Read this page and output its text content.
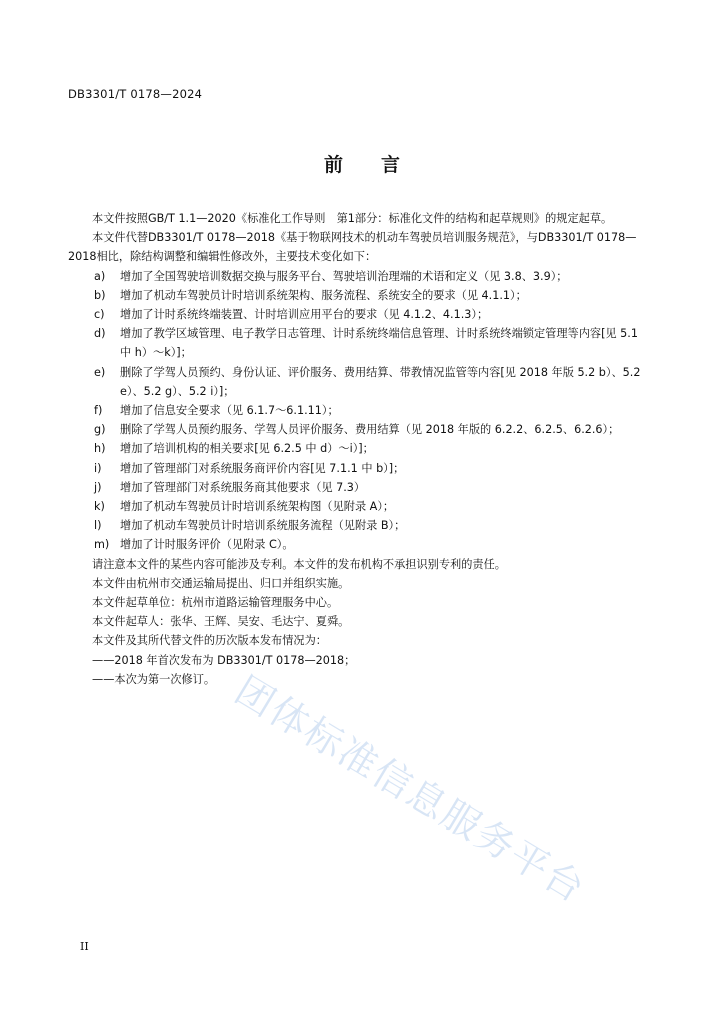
DB3301/T 0178—2024
前 言

本文件按照GB/T 1.1—2020《标准化工作导则　第1部分：标准化文件的结构和起草规则》的规定起草。

本文件代替DB3301/T 0178—2018《基于物联网技术的机动车驾驶员培训服务规范》，与DB3301/T 0178—2018相比，除结构调整和编辑性修改外，主要技术变化如下：

a) 增加了全国驾驶培训数据交换与服务平台、驾驶培训治理端的术语和定义（见 3.8、3.9）；

b) 增加了机动车驾驶员计时培训系统架构、服务流程、系统安全的要求（见 4.1.1）；

c) 增加了计时系统终端装置、计时培训应用平台的要求（见 4.1.2、4.1.3）；

d) 增加了教学区域管理、电子教学日志管理、计时系统终端信息管理、计时系统终端锁定管理等内容[见 5.1 中 h）～k）]；

e) 删除了学驾人员预约、身份认证、评价服务、费用结算、带教情况监管等内容[见 2018 年版 5.2 b）、5.2 e）、5.2 g）、5.2 i）]；

f) 增加了信息安全要求（见 6.1.7～6.1.11）；

g) 删除了学驾人员预约服务、学驾人员评价服务、费用结算（见 2018 年版的 6.2.2、6.2.5、6.2.6）；

h) 增加了培训机构的相关要求[见 6.2.5 中 d）～i）]；

i) 增加了管理部门对系统服务商评价内容[见 7.1.1 中 b）]；

j) 增加了管理部门对系统服务商其他要求（见 7.3）

k) 增加了机动车驾驶员计时培训系统架构图（见附录 A）；

l) 增加了机动车驾驶员计时培训系统服务流程（见附录 B）；

m) 增加了计时服务评价（见附录 C）。

请注意本文件的某些内容可能涉及专利。本文件的发布机构不承担识别专利的责任。

本文件由杭州市交通运输局提出、归口并组织实施。

本文件起草单位：杭州市道路运输管理服务中心。

本文件起草人：张华、王辉、吴安、毛达宁、夏舜。

本文件及其所代替文件的历次版本发布情况为：

——2018 年首次发布为 DB3301/T 0178—2018；

——本次为第一次修订。 团体标准信息服务平台
II
